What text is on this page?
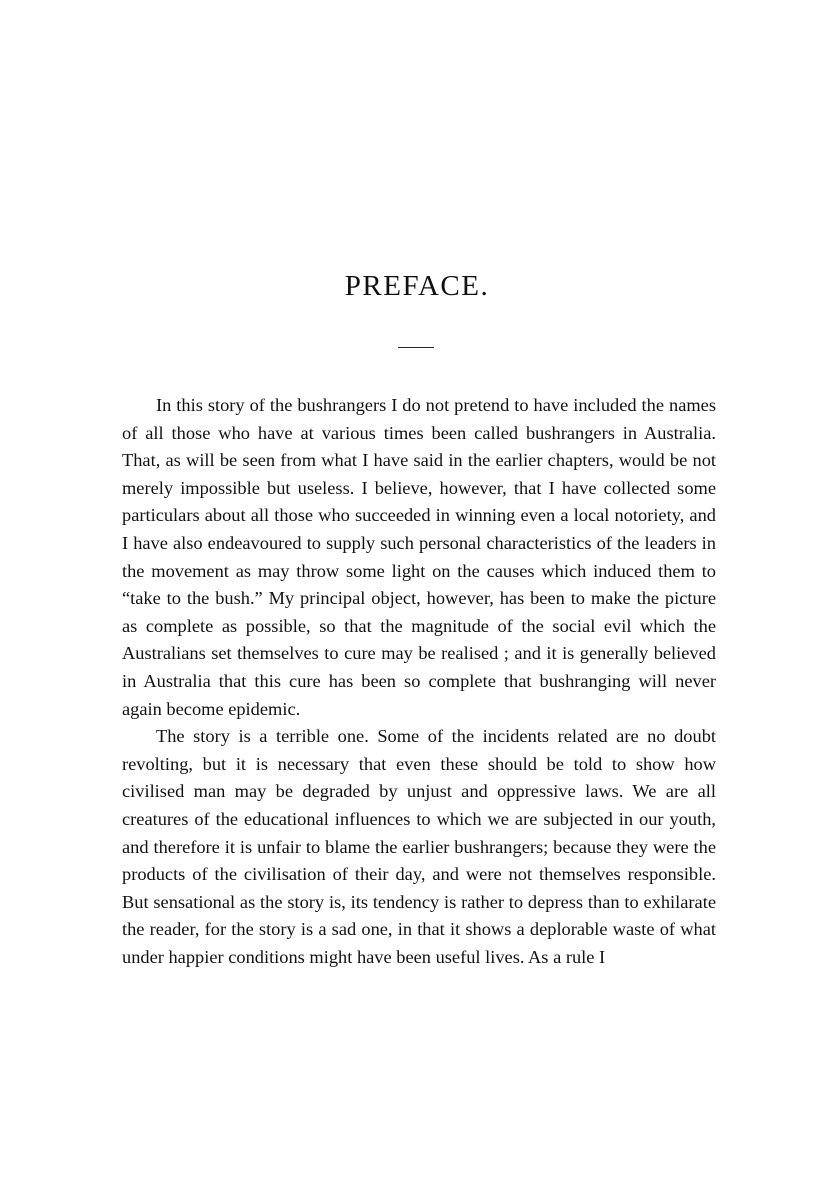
PREFACE.

In this story of the bushrangers I do not pretend to have included the names of all those who have at various times been called bushrangers in Australia. That, as will be seen from what I have said in the earlier chapters, would be not merely impossible but useless. I believe, however, that I have collected some particulars about all those who succeeded in winning even a local notoriety, and I have also endeavoured to supply such personal characteristics of the leaders in the movement as may throw some light on the causes which induced them to “take to the bush.” My principal object, however, has been to make the picture as complete as possible, so that the magnitude of the social evil which the Australians set themselves to cure may be realised ; and it is generally believed in Australia that this cure has been so complete that bushranging will never again become epidemic.

The story is a terrible one. Some of the incidents related are no doubt revolting, but it is necessary that even these should be told to show how civilised man may be degraded by unjust and oppressive laws. We are all creatures of the educational influences to which we are subjected in our youth, and therefore it is unfair to blame the earlier bushrangers; because they were the products of the civilisation of their day, and were not themselves responsible. But sensational as the story is, its tendency is rather to depress than to exhilarate the reader, for the story is a sad one, in that it shows a deplorable waste of what under happier conditions might have been useful lives. As a rule I
